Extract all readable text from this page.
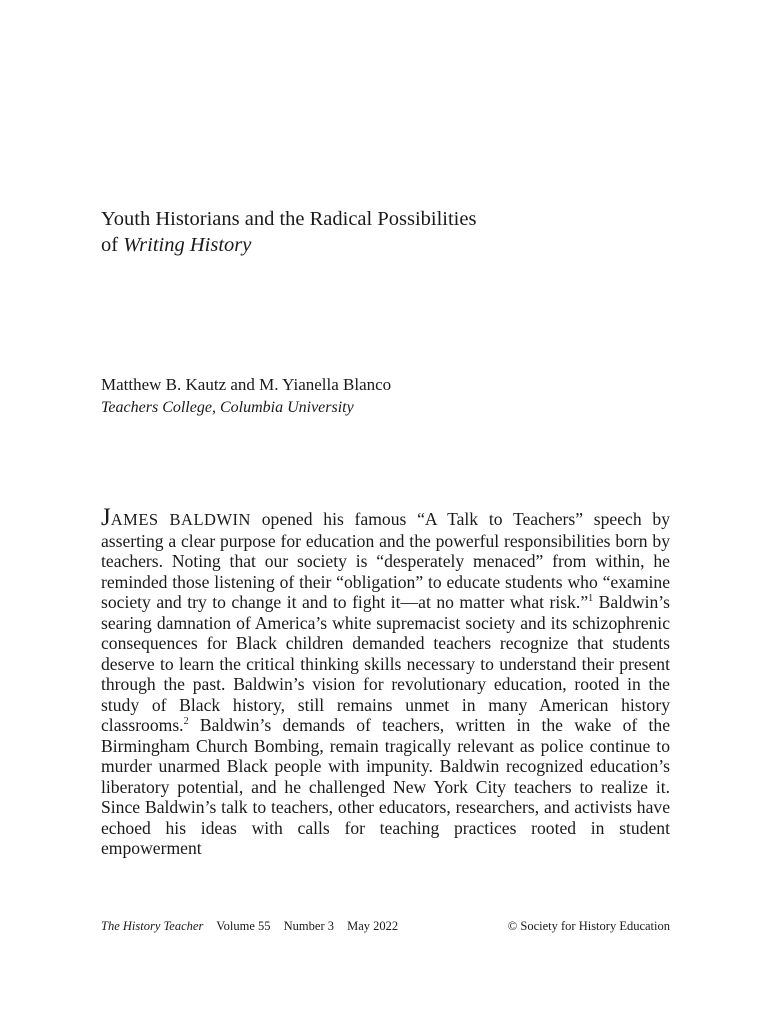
Youth Historians and the Radical Possibilities
of Writing History
Matthew B. Kautz and M. Yianella Blanco
Teachers College, Columbia University
JAMES BALDWIN opened his famous “A Talk to Teachers” speech by asserting a clear purpose for education and the powerful responsibilities born by teachers. Noting that our society is “desperately menaced” from within, he reminded those listening of their “obligation” to educate students who “examine society and try to change it and to fight it—at no matter what risk.”$^1$ Baldwin’s searing damnation of America’s white supremacist society and its schizophrenic consequences for Black children demanded teachers recognize that students deserve to learn the critical thinking skills necessary to understand their present through the past. Baldwin’s vision for revolutionary education, rooted in the study of Black history, still remains unmet in many American history classrooms.$^2$ Baldwin’s demands of teachers, written in the wake of the Birmingham Church Bombing, remain tragically relevant as police continue to murder unarmed Black people with impunity. Baldwin recognized education’s liberatory potential, and he challenged New York City teachers to realize it. Since Baldwin’s talk to teachers, other educators, researchers, and activists have echoed his ideas with calls for teaching practices rooted in student empowerment
The History Teacher Volume 55 Number 3 May 2022	© Society for History Education
